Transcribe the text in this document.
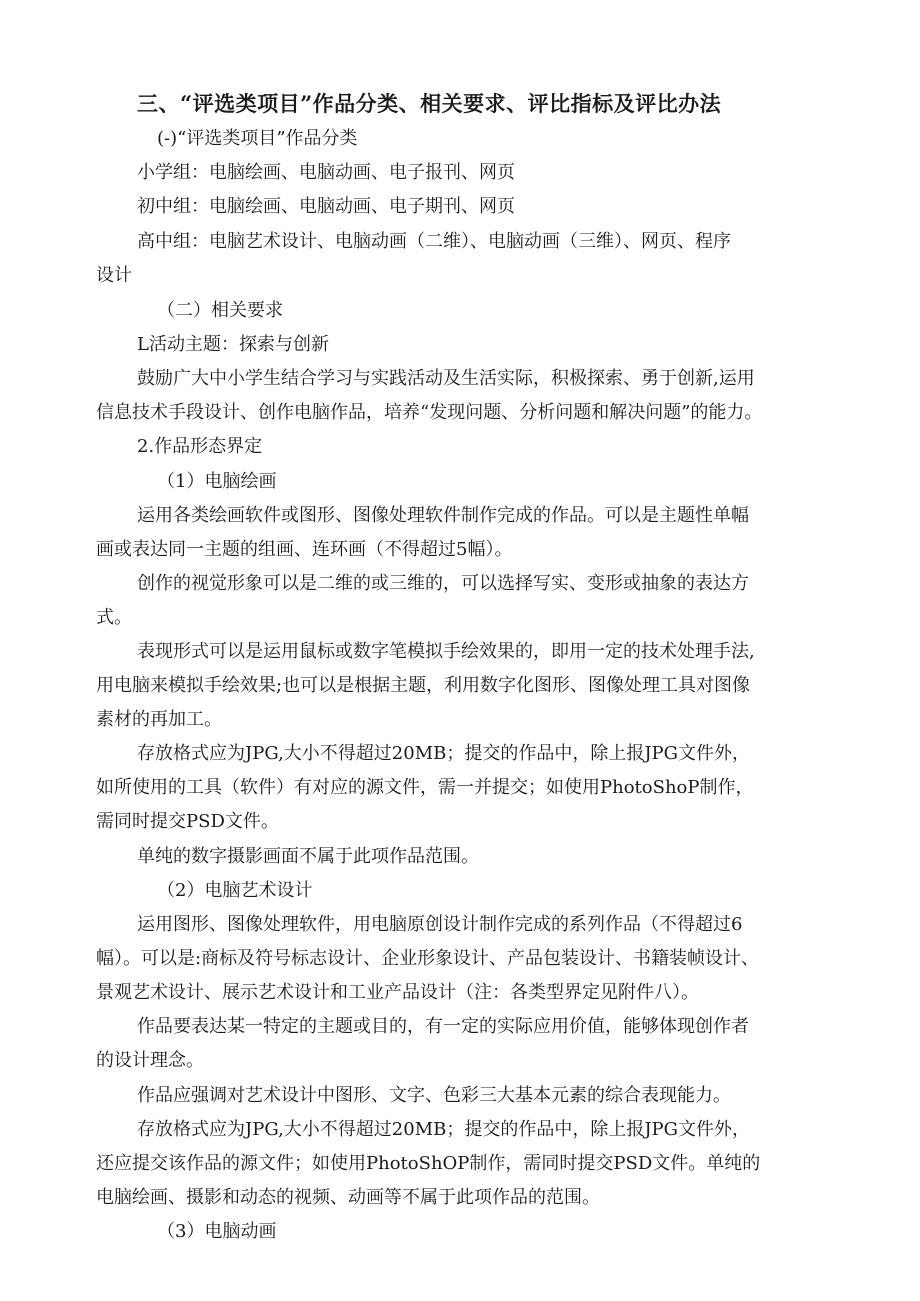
三、“评选类项目”作品分类、相关要求、评比指标及评比办法
(-)“评选类项目”作品分类
小学组：电脑绘画、电脑动画、电子报刊、网页
初中组：电脑绘画、电脑动画、电子期刊、网页
高中组：电脑艺术设计、电脑动画（二维）、电脑动画（三维）、网页、程序
设计
（二）相关要求
L活动主题：探索与创新
鼓励广大中小学生结合学习与实践活动及生活实际，积极探索、勇于创新,运用
信息技术手段设计、创作电脑作品，培养“发现问题、分析问题和解决问题”的能力。
2.作品形态界定
（1）电脑绘画
运用各类绘画软件或图形、图像处理软件制作完成的作品。可以是主题性单幅
画或表达同一主题的组画、连环画（不得超过5幅）。
创作的视觉形象可以是二维的或三维的，可以选择写实、变形或抽象的表达方
式。
表现形式可以是运用鼠标或数字笔模拟手绘效果的，即用一定的技术处理手法,
用电脑来模拟手绘效果;也可以是根据主题，利用数字化图形、图像处理工具对图像
素材的再加工。
存放格式应为JPG,大小不得超过20MB；提交的作品中，除上报JPG文件外，
如所使用的工具（软件）有对应的源文件，需一并提交；如使用PhotoShoP制作，
需同时提交PSD文件。
单纯的数字摄影画面不属于此项作品范围。
（2）电脑艺术设计
运用图形、图像处理软件，用电脑原创设计制作完成的系列作品（不得超过6
幅）。可以是:商标及符号标志设计、企业形象设计、产品包装设计、书籍装帧设计、
景观艺术设计、展示艺术设计和工业产品设计（注：各类型界定见附件八）。
作品要表达某一特定的主题或目的，有一定的实际应用价值，能够体现创作者
的设计理念。
作品应强调对艺术设计中图形、文字、色彩三大基本元素的综合表现能力。
存放格式应为JPG,大小不得超过20MB；提交的作品中，除上报JPG文件外，
还应提交该作品的源文件；如使用PhotoShOP制作，需同时提交PSD文件。单纯的
电脑绘画、摄影和动态的视频、动画等不属于此项作品的范围。
（3）电脑动画
